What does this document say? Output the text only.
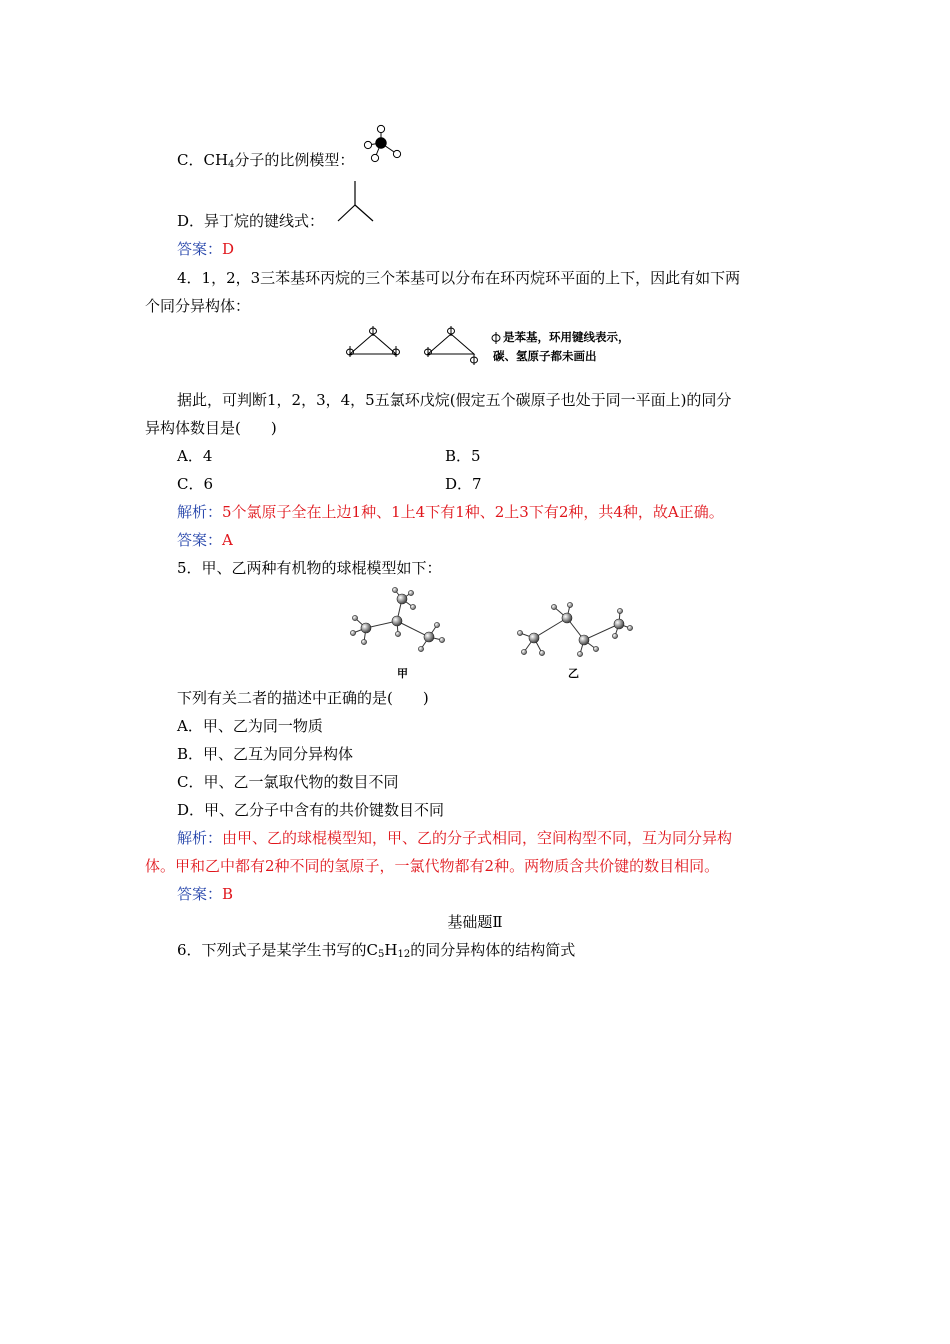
C．$CH_4$分子的比例模型：
D．异丁烷的键线式：
答案：D
4．1，2，3三苯基环丙烷的三个苯基可以分布在环丙烷环平面的上下，因此有如下两
个同分异构体：
是苯基，环用键线表示，
碳、氢原子都未画出
据此，可判断1，2，3，4，5五氯环戊烷(假定五个碳原子也处于同一平面上)的同分
异构体数目是(　　)
A．4	B．5
C．6	D．7
解析：5个氯原子全在上边1种、1上4下有1种、2上3下有2种，共4种，故A正确。
答案：A
5．甲、乙两种有机物的球棍模型如下：
甲	乙
下列有关二者的描述中正确的是(　　)
A．甲、乙为同一物质
B．甲、乙互为同分异构体
C．甲、乙一氯取代物的数目不同
D．甲、乙分子中含有的共价键数目不同
解析：由甲、乙的球棍模型知，甲、乙的分子式相同，空间构型不同，互为同分异构
体。甲和乙中都有2种不同的氢原子，一氯代物都有2种。两物质含共价键的数目相同。
答案：B
基础题Ⅱ
6．下列式子是某学生书写的$C_5H_{12}$的同分异构体的结构简式
